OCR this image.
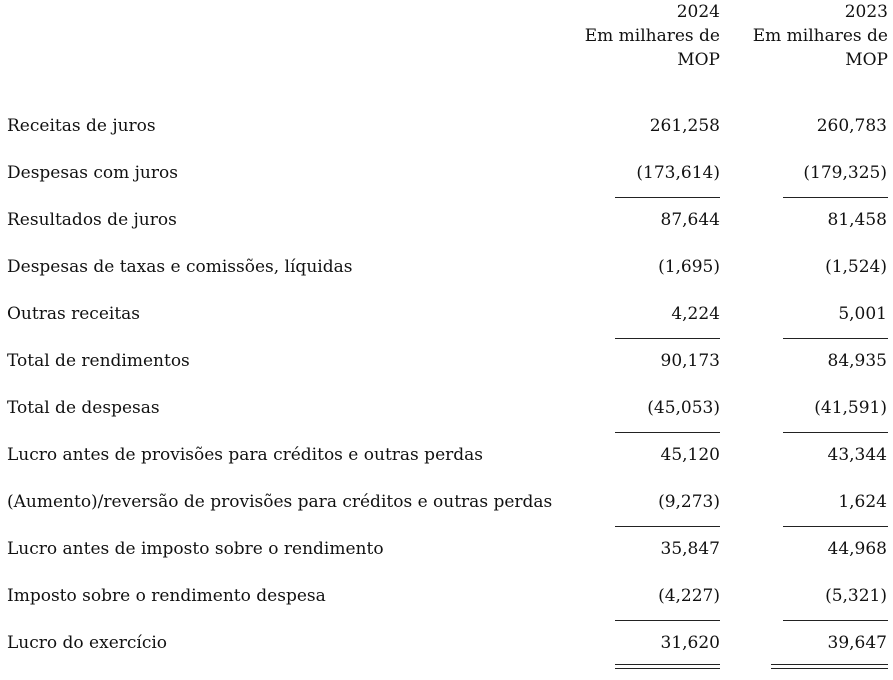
2024
Em milhares de
MOP
2023
Em milhares de
MOP
Receitas de juros	261,258	260,783
Despesas com juros	(173,614)	(179,325)
Resultados de juros	87,644	81,458
Despesas de taxas e comissões, líquidas	(1,695)	(1,524)
Outras receitas	4,224	5,001
Total de rendimentos	90,173	84,935
Total de despesas	(45,053)	(41,591)
Lucro antes de provisões para créditos e outras perdas	45,120	43,344
(Aumento)/reversão de provisões para créditos e outras perdas	(9,273)	1,624
Lucro antes de imposto sobre o rendimento	35,847	44,968
Imposto sobre o rendimento despesa	(4,227)	(5,321)
Lucro do exercício	31,620	39,647
